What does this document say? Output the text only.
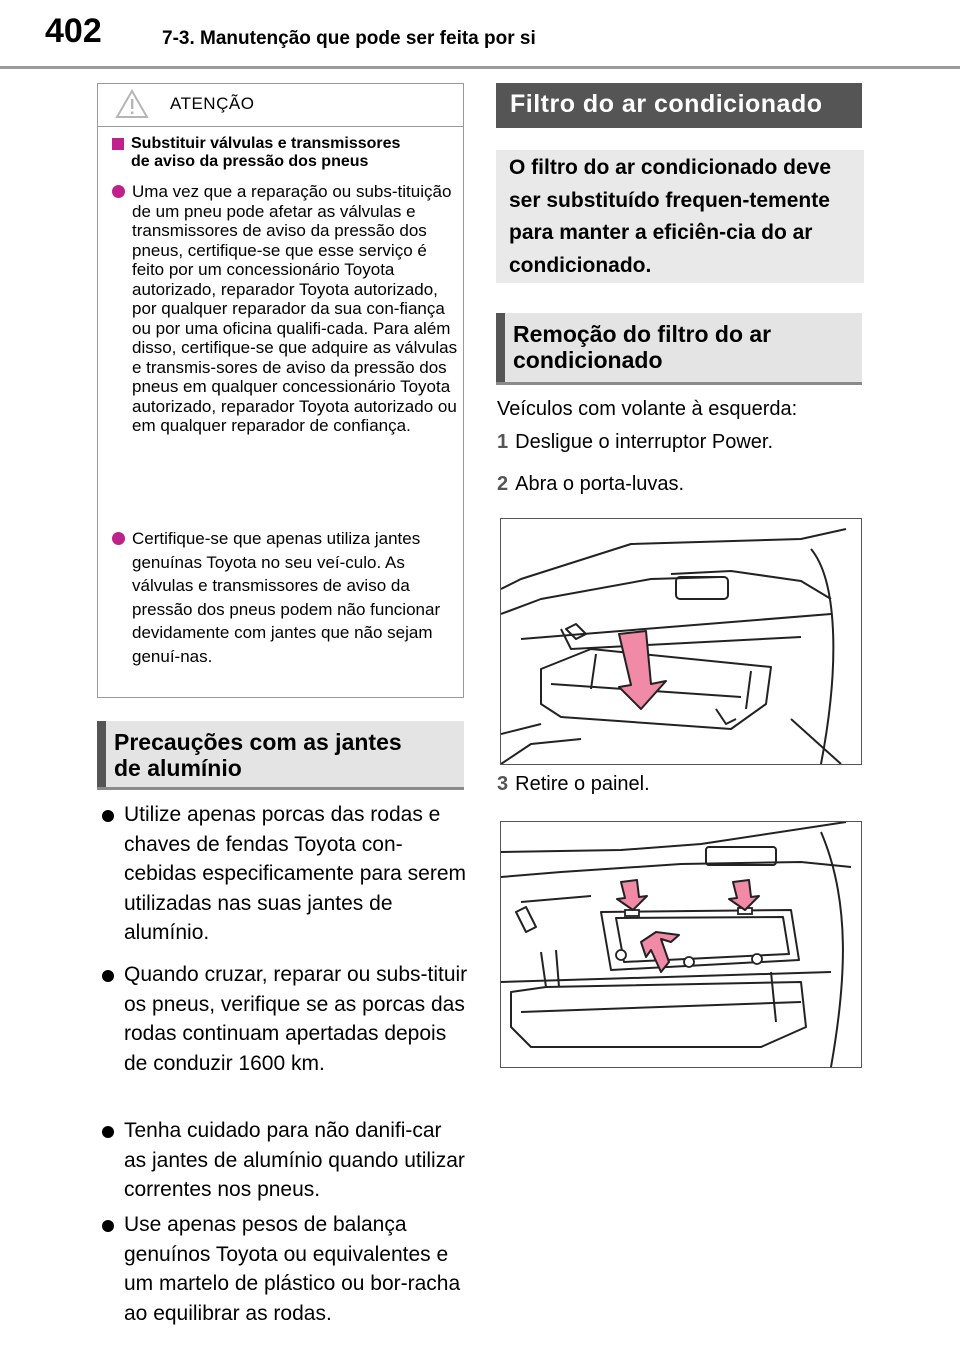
402	7-3. Manutenção que pode ser feita por si
ATENÇÃO
Substituir válvulas e transmissores
de aviso da pressão dos pneus
Uma vez que a reparação ou subs-tituição de um pneu pode afetar as válvulas e transmissores de aviso da pressão dos pneus, certifique-se que esse serviço é feito por um concessionário Toyota autorizado, reparador Toyota autorizado, por qualquer reparador da sua con-fiança ou por uma oficina qualifi-cada. Para além disso, certifique-se que adquire as válvulas e transmis-sores de aviso da pressão dos pneus em qualquer concessionário Toyota autorizado, reparador Toyota autorizado ou em qualquer reparador de confiança.
Certifique-se que apenas utiliza jantes genuínas Toyota no seu veí-culo. As válvulas e transmissores de aviso da pressão dos pneus podem não funcionar devidamente com jantes que não sejam genuí-nas.
Precauções com as jantes
de alumínio
Utilize apenas porcas das rodas e chaves de fendas Toyota con-cebidas especificamente para serem utilizadas nas suas jantes de alumínio.
Quando cruzar, reparar ou subs-tituir os pneus, verifique se as porcas das rodas continuam apertadas depois de conduzir 1600 km.
Tenha cuidado para não danifi-car as jantes de alumínio quando utilizar correntes nos pneus.
Use apenas pesos de balança genuínos Toyota ou equivalentes e um martelo de plástico ou bor-racha ao equilibrar as rodas.
Filtro do ar condicionado
O filtro do ar condicionado deve ser substituído frequen-temente para manter a eficiên-cia do ar condicionado.
Remoção do filtro do ar
condicionado
Veículos com volante à esquerda:
1 Desligue o interruptor Power.
2 Abra o porta-luvas.
3 Retire o painel.
